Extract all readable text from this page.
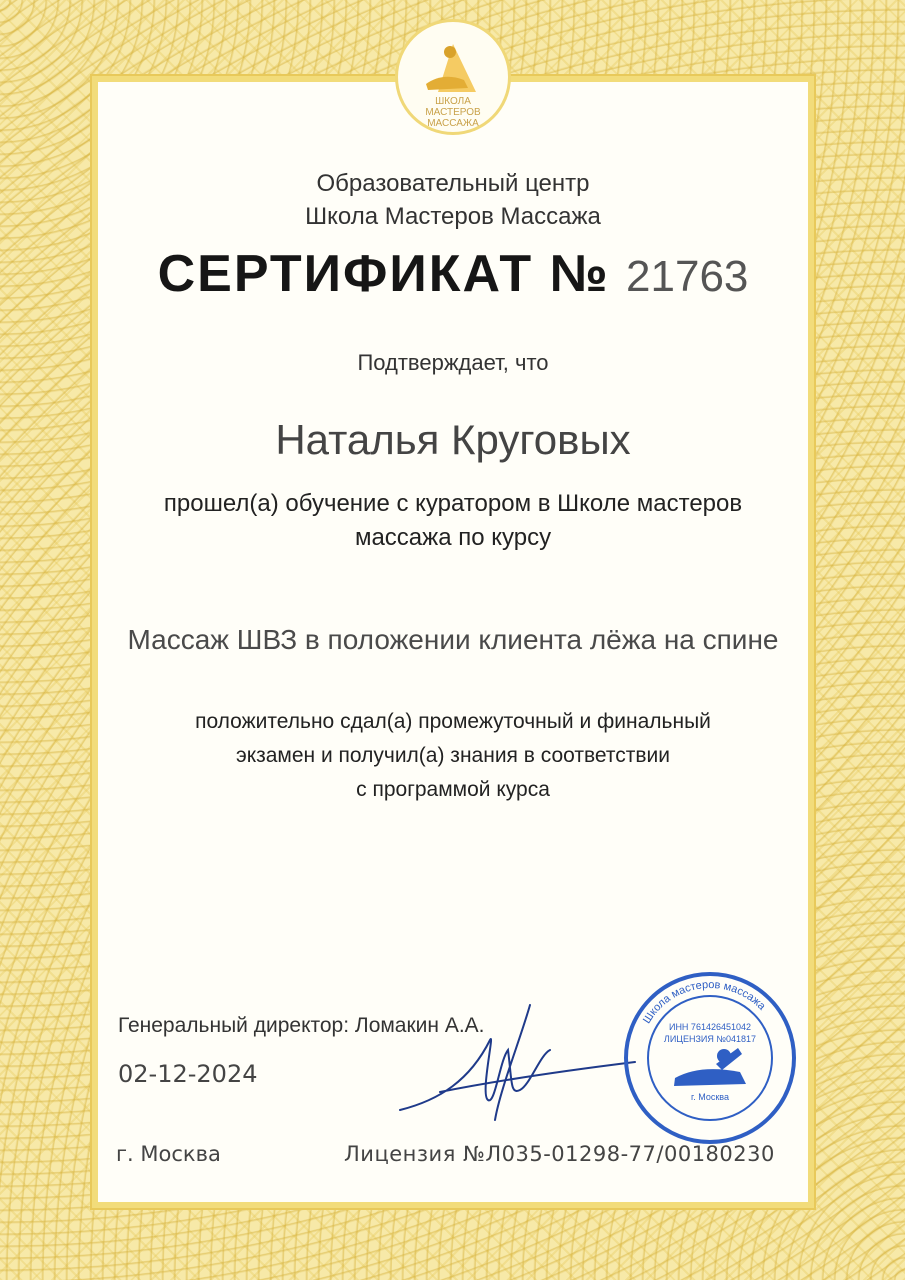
ШКОЛА
МАСТЕРОВ
МАССАЖА
Образовательный центр
Школа Мастеров Массажа
СЕРТИФИКАТ № 21763
Подтверждает, что
Наталья Круговых
прошел(а) обучение с куратором в Школе мастеров
массажа по курсу
Массаж ШВЗ в положении клиента лёжа на спине
положительно сдал(а) промежуточный и финальный
экзамен и получил(а) знания в соответствии
с программой курса
Генеральный директор: Ломакин А.А.
02-12-2024
г. Москва	Лицензия №Л035-01298-77/00180230
Школа мастеров массажа
ИНН 761426451042
ЛИЦЕНЗИЯ №041817
г. Москва
